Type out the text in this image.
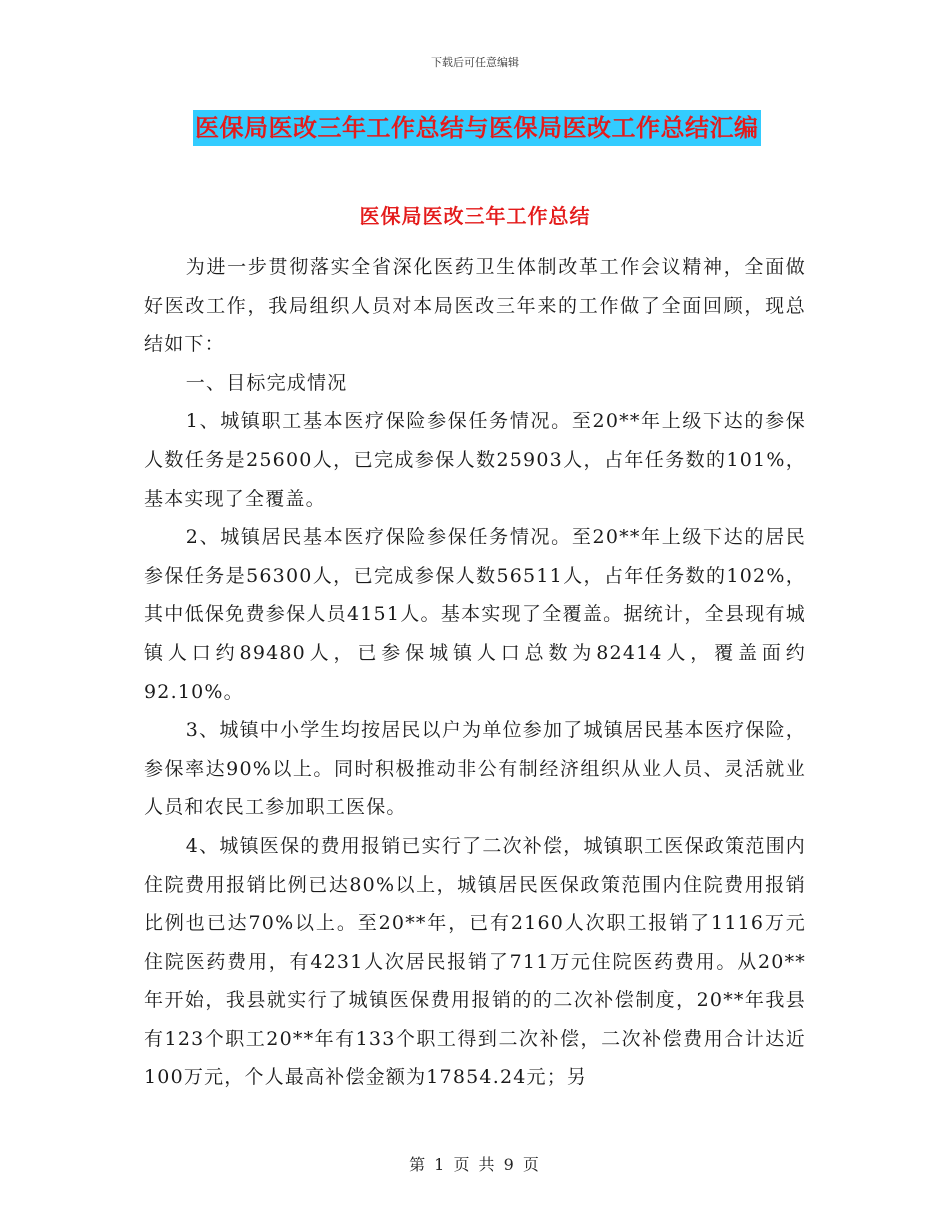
下载后可任意编辑
医保局医改三年工作总结与医保局医改工作总结汇编
医保局医改三年工作总结

为进一步贯彻落实全省深化医药卫生体制改革工作会议精神，全面做好医改工作，我局组织人员对本局医改三年来的工作做了全面回顾，现总结如下：

一、目标完成情况

1、城镇职工基本医疗保险参保任务情况。至20**年上级下达的参保人数任务是25600人，已完成参保人数25903人，占年任务数的101%，基本实现了全覆盖。

2、城镇居民基本医疗保险参保任务情况。至20**年上级下达的居民参保任务是56300人，已完成参保人数56511人，占年任务数的102%，其中低保免费参保人员4151人。基本实现了全覆盖。据统计，全县现有城镇人口约89480人，已参保城镇人口总数为82414人，覆盖面约92.10%。

3、城镇中小学生均按居民以户为单位参加了城镇居民基本医疗保险，参保率达90%以上。同时积极推动非公有制经济组织从业人员、灵活就业人员和农民工参加职工医保。

4、城镇医保的费用报销已实行了二次补偿，城镇职工医保政策范围内住院费用报销比例已达80%以上，城镇居民医保政策范围内住院费用报销比例也已达70%以上。至20**年，已有2160人次职工报销了1116万元住院医药费用，有4231人次居民报销了711万元住院医药费用。从20**年开始，我县就实行了城镇医保费用报销的的二次补偿制度，20**年我县有123个职工20**年有133个职工得到二次补偿，二次补偿费用合计达近100万元，个人最高补偿金额为17854.24元；另

第 1 页 共 9 页
